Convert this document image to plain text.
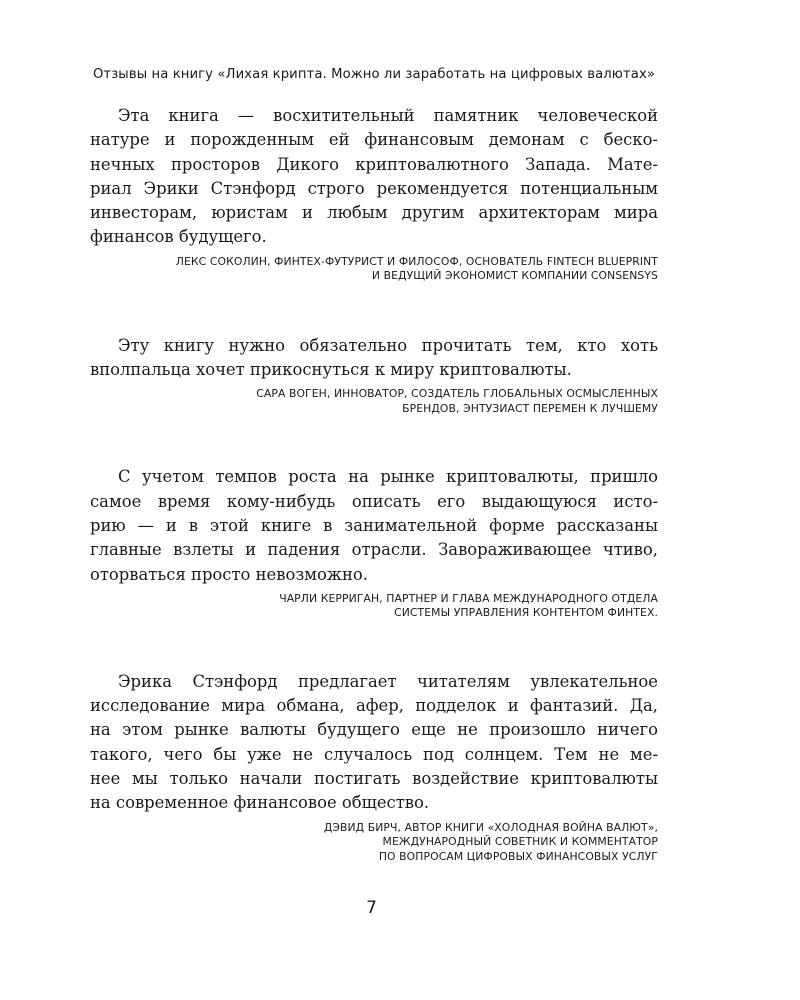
Отзывы на книгу «Лихая крипта. Можно ли заработать на цифровых валютах»
Эта книга — восхитительный памятник человеческой
натуре и порожденным ей финансовым демонам с беско-
нечных просторов Дикого криптовалютного Запада. Мате-
риал Эрики Стэнфорд строго рекомендуется потенциальным
инвесторам, юристам и любым другим архитекторам мира
финансов будущего.
ЛЕКС СОКОЛИН, ФИНТЕХ-ФУТУРИСТ И ФИЛОСОФ, ОСНОВАТЕЛЬ FINTECH BLUEPRINT
И ВЕДУЩИЙ ЭКОНОМИСТ КОМПАНИИ CONSENSYS
Эту книгу нужно обязательно прочитать тем, кто хоть
вполпальца хочет прикоснуться к миру криптовалюты.
САРА ВОГЕН, ИННОВАТОР, СОЗДАТЕЛЬ ГЛОБАЛЬНЫХ ОСМЫСЛЕННЫХ
БРЕНДОВ, ЭНТУЗИАСТ ПЕРЕМЕН К ЛУЧШЕМУ
С учетом темпов роста на рынке криптовалюты, пришло
самое время кому-нибудь описать его выдающуюся исто-
рию — и в этой книге в занимательной форме рассказаны
главные взлеты и падения отрасли. Завораживающее чтиво,
оторваться просто невозможно.
ЧАРЛИ КЕРРИГАН, ПАРТНЕР И ГЛАВА МЕЖДУНАРОДНОГО ОТДЕЛА
СИСТЕМЫ УПРАВЛЕНИЯ КОНТЕНТОМ ФИНТЕХ.
Эрика Стэнфорд предлагает читателям увлекательное
исследование мира обмана, афер, подделок и фантазий. Да,
на этом рынке валюты будущего еще не произошло ничего
такого, чего бы уже не случалось под солнцем. Тем не ме-
нее мы только начали постигать воздействие криптовалюты
на современное финансовое общество.
ДЭВИД БИРЧ, АВТОР КНИГИ «ХОЛОДНАЯ ВОЙНА ВАЛЮТ»,
МЕЖДУНАРОДНЫЙ СОВЕТНИК И КОММЕНТАТОР
ПО ВОПРОСАМ ЦИФРОВЫХ ФИНАНСОВЫХ УСЛУГ
7
